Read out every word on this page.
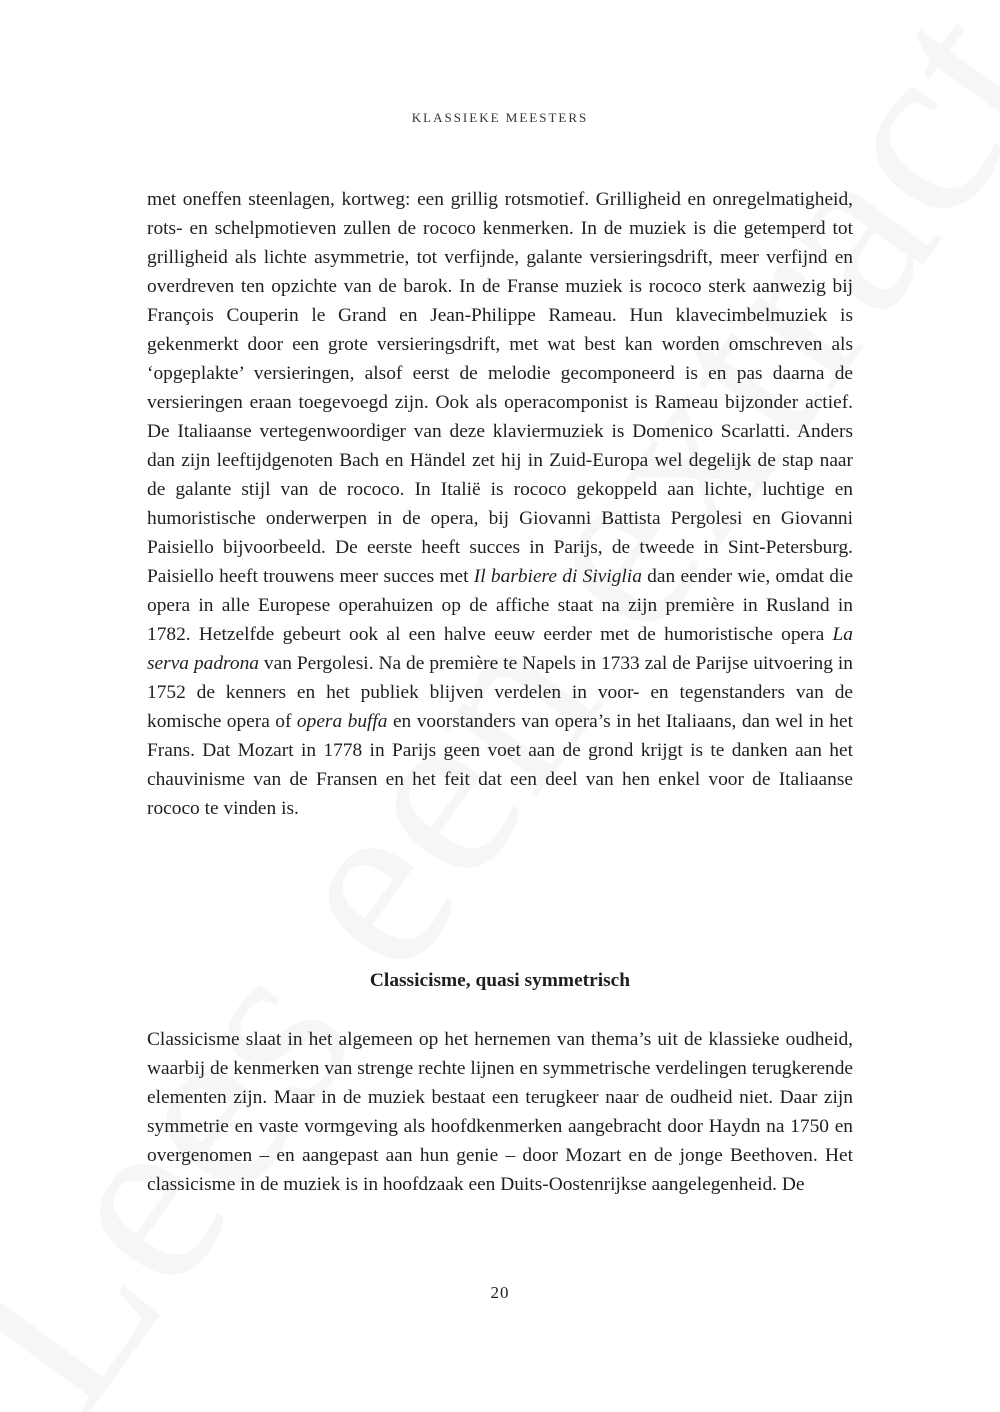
KLASSIEKE MEESTERS

met oneffen steenlagen, kortweg: een grillig rotsmotief. Grilligheid en onregelmatigheid, rots- en schelpmotieven zullen de rococo kenmerken. In de muziek is die getemperd tot grilligheid als lichte asymmetrie, tot verfijnde, galante versieringsdrift, meer verfijnd en overdreven ten opzichte van de barok. In de Franse muziek is rococo sterk aanwezig bij François Couperin le Grand en Jean-Philippe Rameau. Hun klavecimbelmuziek is gekenmerkt door een grote versieringsdrift, met wat best kan worden omschreven als ‘opgeplakte’ versieringen, alsof eerst de melodie gecomponeerd is en pas daarna de versieringen eraan toegevoegd zijn. Ook als operacomponist is Rameau bijzonder actief. De Italiaanse vertegenwoordiger van deze klaviermuziek is Domenico Scarlatti. Anders dan zijn leeftijdgenoten Bach en Händel zet hij in Zuid-Europa wel degelijk de stap naar de galante stijl van de rococo. In Italië is rococo gekoppeld aan lichte, luchtige en humoristische onderwerpen in de opera, bij Giovanni Battista Pergolesi en Giovanni Paisiello bijvoorbeeld. De eerste heeft succes in Parijs, de tweede in Sint-Petersburg. Paisiello heeft trouwens meer succes met Il barbiere di Siviglia dan eender wie, omdat die opera in alle Europese operahuizen op de affiche staat na zijn première in Rusland in 1782. Hetzelfde gebeurt ook al een halve eeuw eerder met de humoristische opera La serva padrona van Pergolesi. Na de première te Napels in 1733 zal de Parijse uitvoering in 1752 de kenners en het publiek blijven verdelen in voor- en tegenstanders van de komische opera of opera buffa en voorstanders van opera’s in het Italiaans, dan wel in het Frans. Dat Mozart in 1778 in Parijs geen voet aan de grond krijgt is te danken aan het chauvinisme van de Fransen en het feit dat een deel van hen enkel voor de Italiaanse rococo te vinden is.

Classicisme, quasi symmetrisch

Classicisme slaat in het algemeen op het hernemen van thema’s uit de klassieke oudheid, waarbij de kenmerken van strenge rechte lijnen en symmetrische verdelingen terugkerende elementen zijn. Maar in de muziek bestaat een terugkeer naar de oudheid niet. Daar zijn symmetrie en vaste vormgeving als hoofdkenmerken aangebracht door Haydn na 1750 en overgenomen – en aangepast aan hun genie – door Mozart en de jonge Beethoven. Het classicisme in de muziek is in hoofdzaak een Duits-Oostenrijkse aangelegenheid. De

20
